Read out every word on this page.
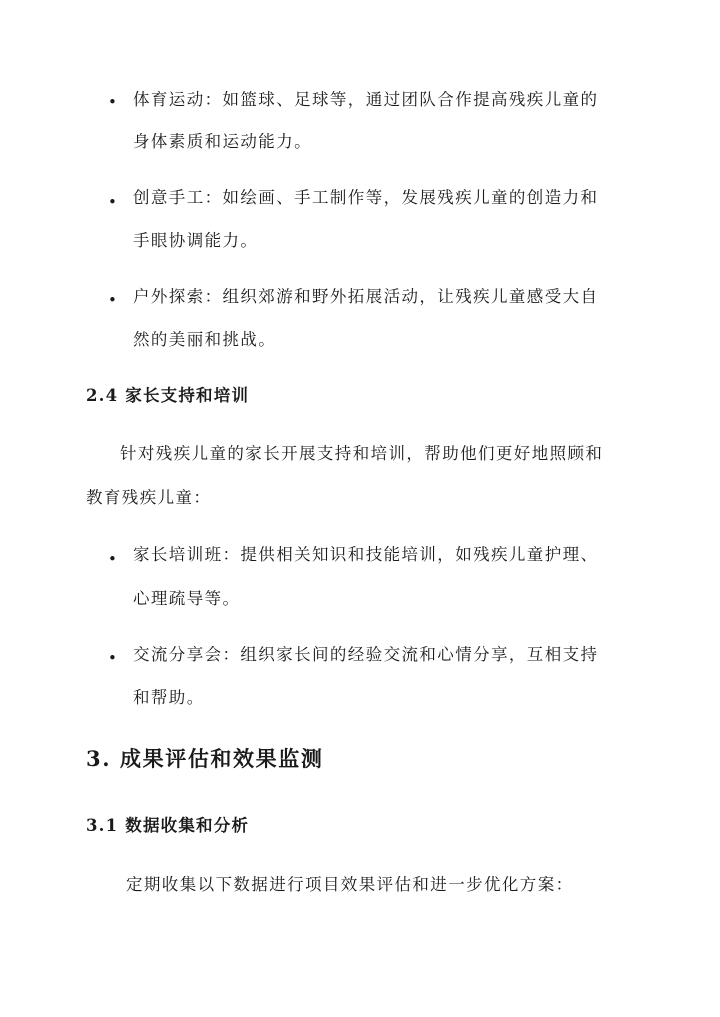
• 体育运动：如篮球、足球等，通过团队合作提高残疾儿童的
身体素质和运动能力。
• 创意手工：如绘画、手工制作等，发展残疾儿童的创造力和
手眼协调能力。
• 户外探索：组织郊游和野外拓展活动，让残疾儿童感受大自
然的美丽和挑战。
2.4 家长支持和培训
针对残疾儿童的家长开展支持和培训，帮助他们更好地照顾和
教育残疾儿童：
• 家长培训班：提供相关知识和技能培训，如残疾儿童护理、
心理疏导等。
• 交流分享会：组织家长间的经验交流和心情分享，互相支持
和帮助。
3. 成果评估和效果监测
3.1 数据收集和分析
定期收集以下数据进行项目效果评估和进一步优化方案：
